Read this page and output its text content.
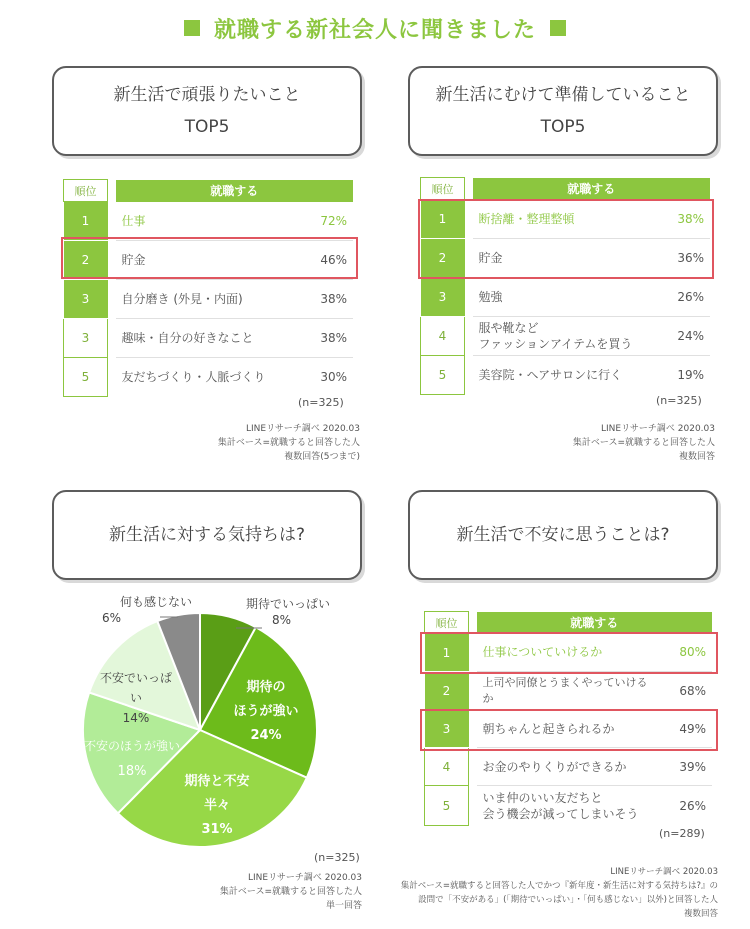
就職する新社会人に聞きました
新生活で頑張りたいこと
TOP5
順位		就職する	
1		仕事	72%
2		貯金	46%
3		自分磨き (外見・内面)	38%
3		趣味・自分の好きなこと	38%
5		友だちづくり・人脈づくり	30%
(n=325)
LINEリサーチ調べ 2020.03
集計ベース=就職すると回答した人
複数回答(5つまで)
新生活にむけて準備していること
TOP5
順位		就職する	
1		断捨離・整理整頓	38%
2		貯金	36%
3		勉強	26%
4		服や靴など
ファッションアイテムを買う	24%
5		美容院・ヘアサロンに行く	19%
(n=325)
LINEリサーチ調べ 2020.03
集計ベース=就職すると回答した人
複数回答
新生活に対する気持ちは?
期待でいっぱい
8%
期待の
ほうが強い
24%
期待と不安
半々
31%
不安のほうが強い
18%
不安でいっぱい
14%
何も感じない
6%
(n=325)
LINEリサーチ調べ 2020.03
集計ベース=就職すると回答した人
単一回答
新生活で不安に思うことは?
順位		就職する	
1		仕事についていけるか	80%
2		上司や同僚とうまくやっていけるか	68%
3		朝ちゃんと起きられるか	49%
4		お金のやりくりができるか	39%
5		いま仲のいい友だちと
会う機会が減ってしまいそう	26%
(n=289)
LINEリサーチ調べ 2020.03
集計ベース=就職すると回答した人でかつ『新年度・新生活に対する気持ちは?』の
設問で「不安がある」(「期待でいっぱい」・「何も感じない」以外)と回答した人
複数回答
